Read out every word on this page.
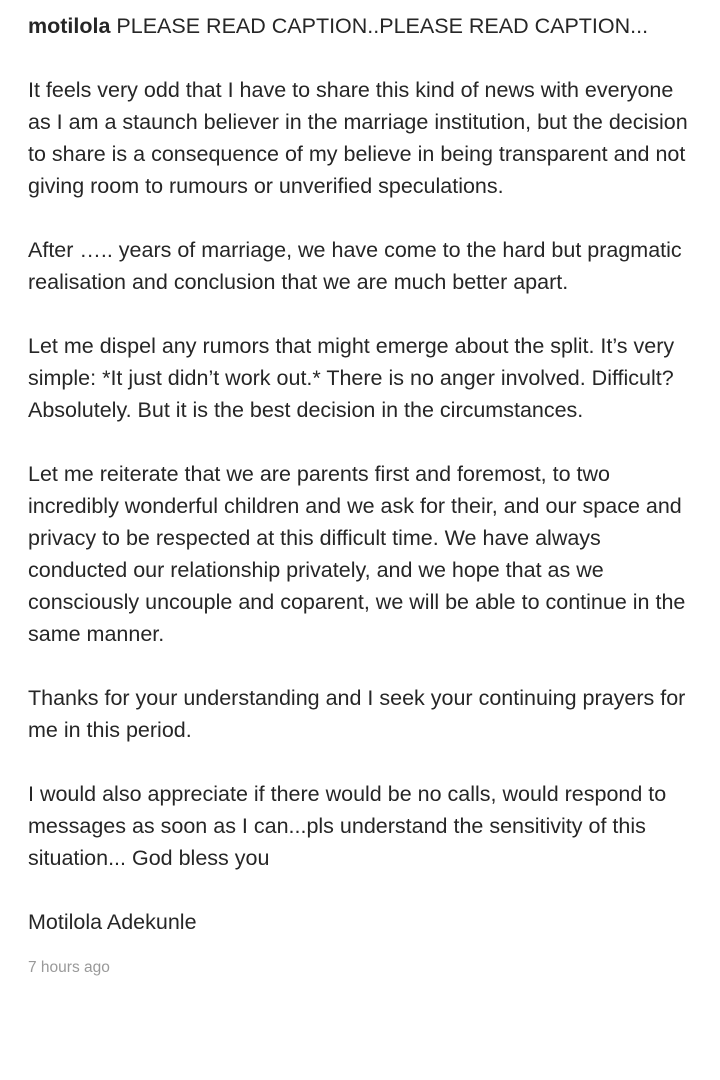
motilola PLEASE READ CAPTION..PLEASE READ CAPTION...

It feels very odd that I have to share this kind of news with everyone as I am a staunch believer in the marriage institution, but the decision to share is a consequence of my believe in being transparent and not giving room to rumours or unverified speculations.

After ….. years of marriage, we have come to the hard but pragmatic realisation and conclusion that we are much better apart.

Let me dispel any rumors that might emerge about the split. It’s very simple: *It just didn’t work out.* There is no anger involved. Difficult? Absolutely. But it is the best decision in the circumstances.

Let me reiterate that we are parents first and foremost, to two incredibly wonderful children and we ask for their, and our space and privacy to be respected at this difficult time. We have always conducted our relationship privately, and we hope that as we consciously uncouple and coparent, we will be able to continue in the same manner.

Thanks for your understanding and I seek your continuing prayers for me in this period.

I would also appreciate if there would be no calls, would respond to messages as soon as I can...pls understand the sensitivity of this situation... God bless you

Motilola Adekunle

7 hours ago
